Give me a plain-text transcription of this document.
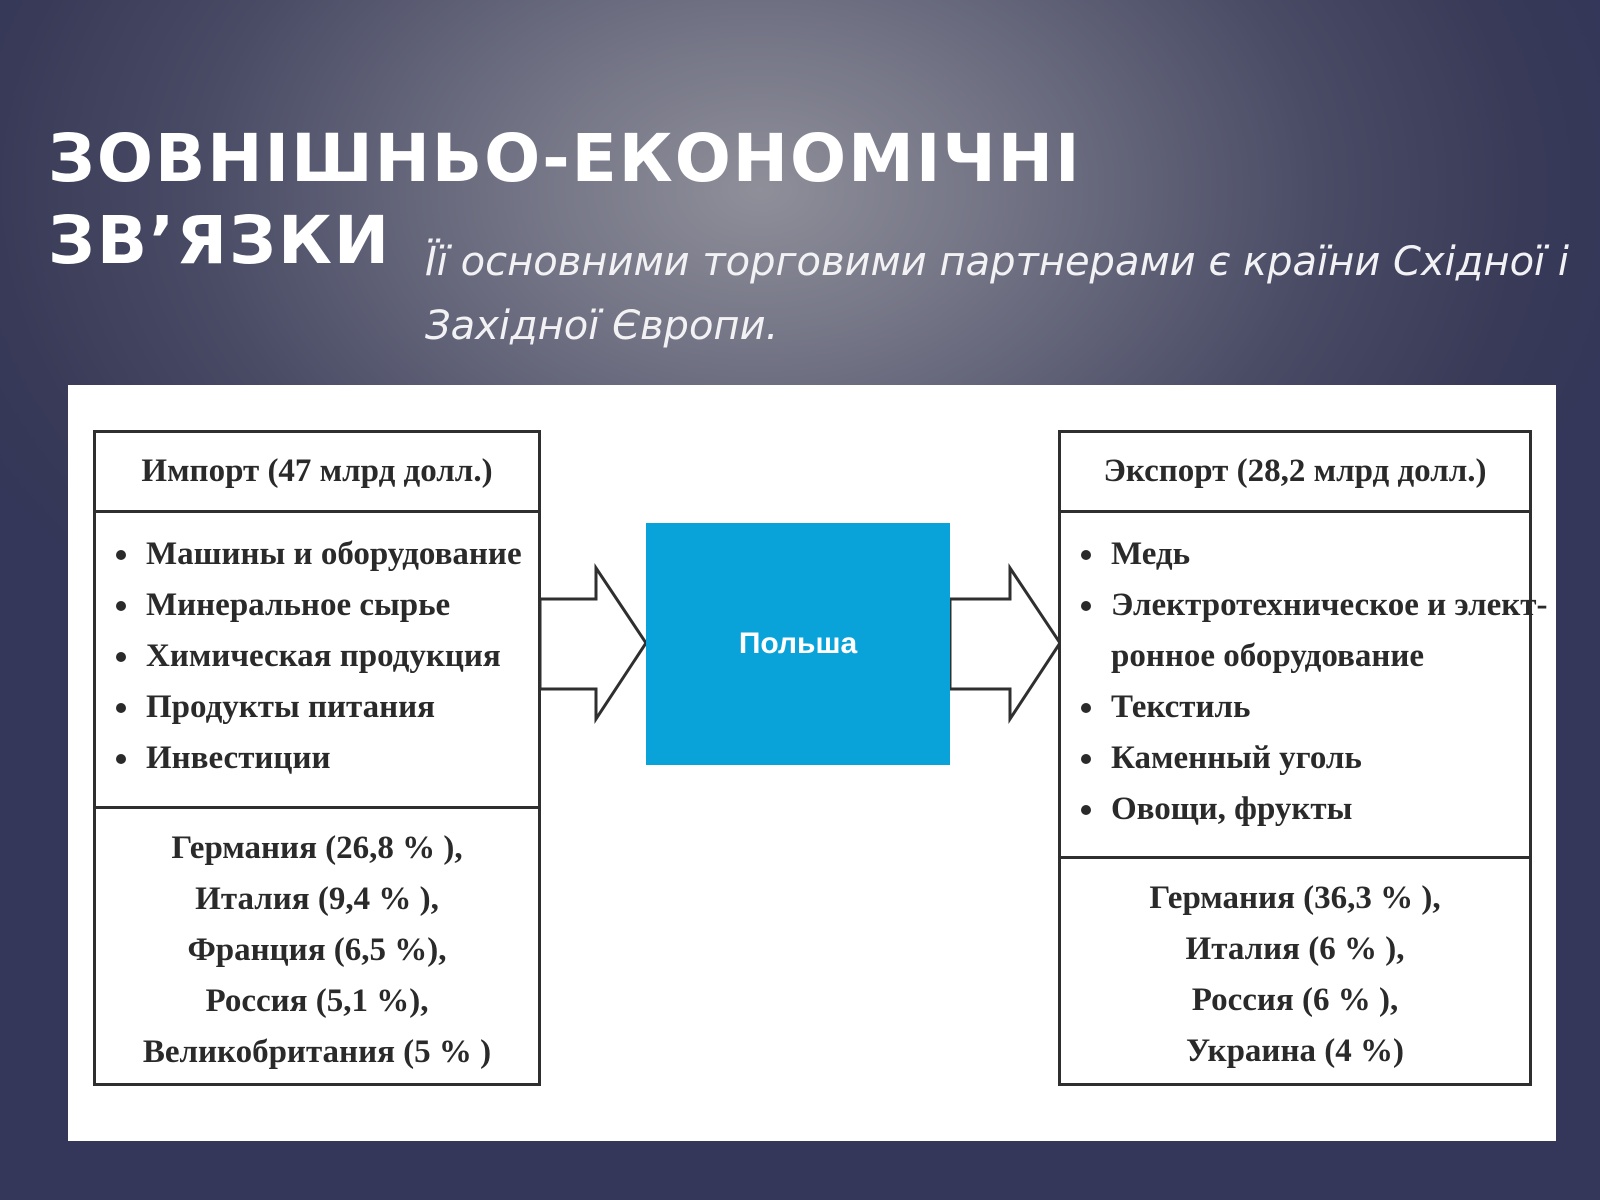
ЗОВНІШНЬО-ЕКОНОМІЧНІ
ЗВ’ЯЗКИ Її основними торговими партнерами є країни Східної і Західної Європи.

Импорт (47 млрд долл.)
Машины и оборудование
Минеральное сырье
Химическая продукция
Продукты питания
Инвестиции
Германия (26,8 % ),
Италия (9,4 % ),
Франция (6,5 %),
Россия (5,1 %),
Великобритания (5 % )
Польша
Экспорт (28,2 млрд долл.)
Медь
Электротехническое и элект-
ронное оборудование
Текстиль
Каменный уголь
Овощи, фрукты
Германия (36,3 % ),
Италия (6 % ),
Россия (6 % ),
Украина (4 %)
